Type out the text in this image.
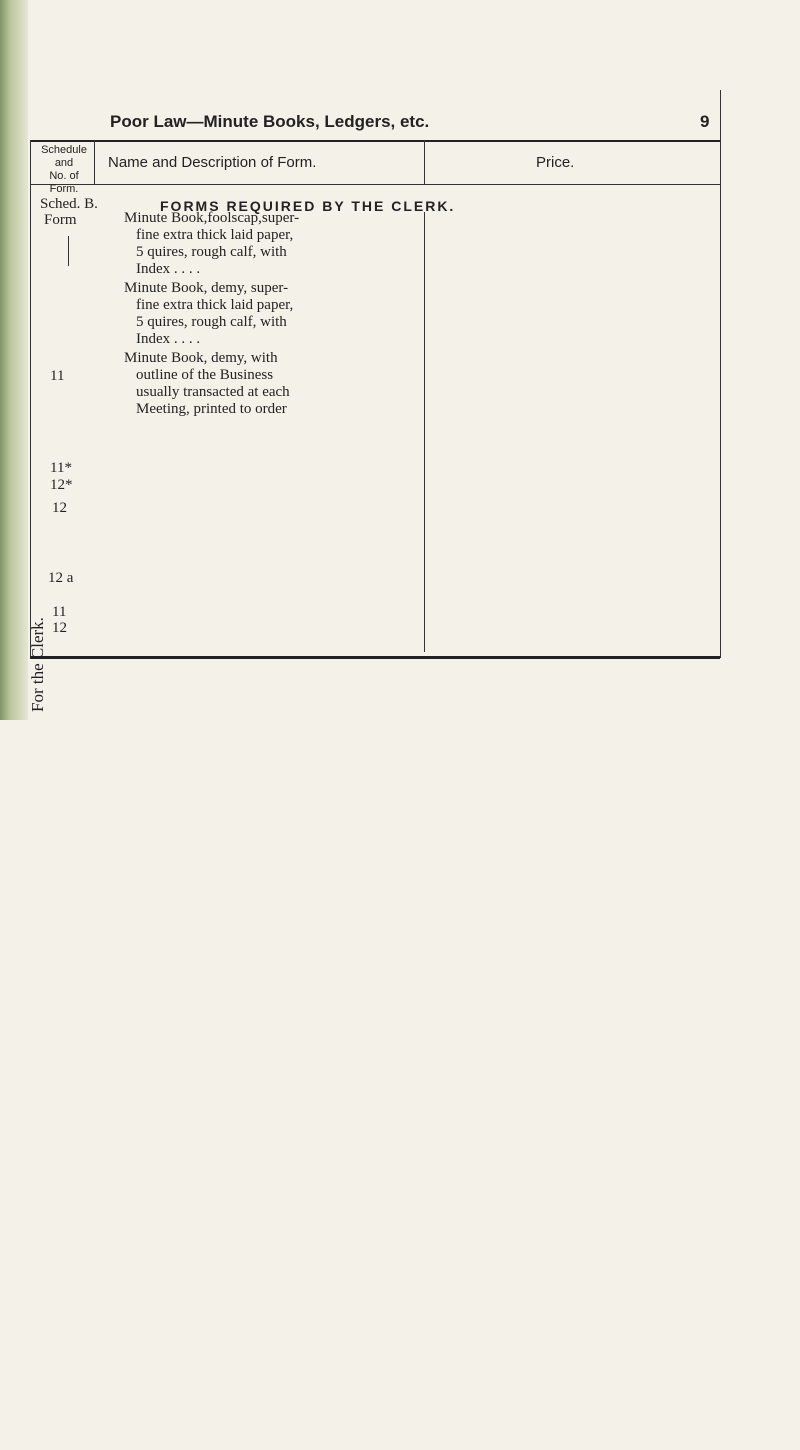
Poor Law—Minute Books, Ledgers, etc.	9
Schedule
and
No. of Form.
Name and Description of Form.	Price.
Sched. B.
Form
FORMS REQUIRED BY THE CLERK.
For the Clerk.
11
11*
12*
12
12 a
11
12
Minute Book,foolscap,super-
fine extra thick laid paper,
5 quires, rough calf, with
Index . . . .
Minute Book, demy, super-
fine extra thick laid paper,
5 quires, rough calf, with
Index . . . .
Minute Book, demy, with
outline of the Business
usually transacted at each
Meeting, printed to order
